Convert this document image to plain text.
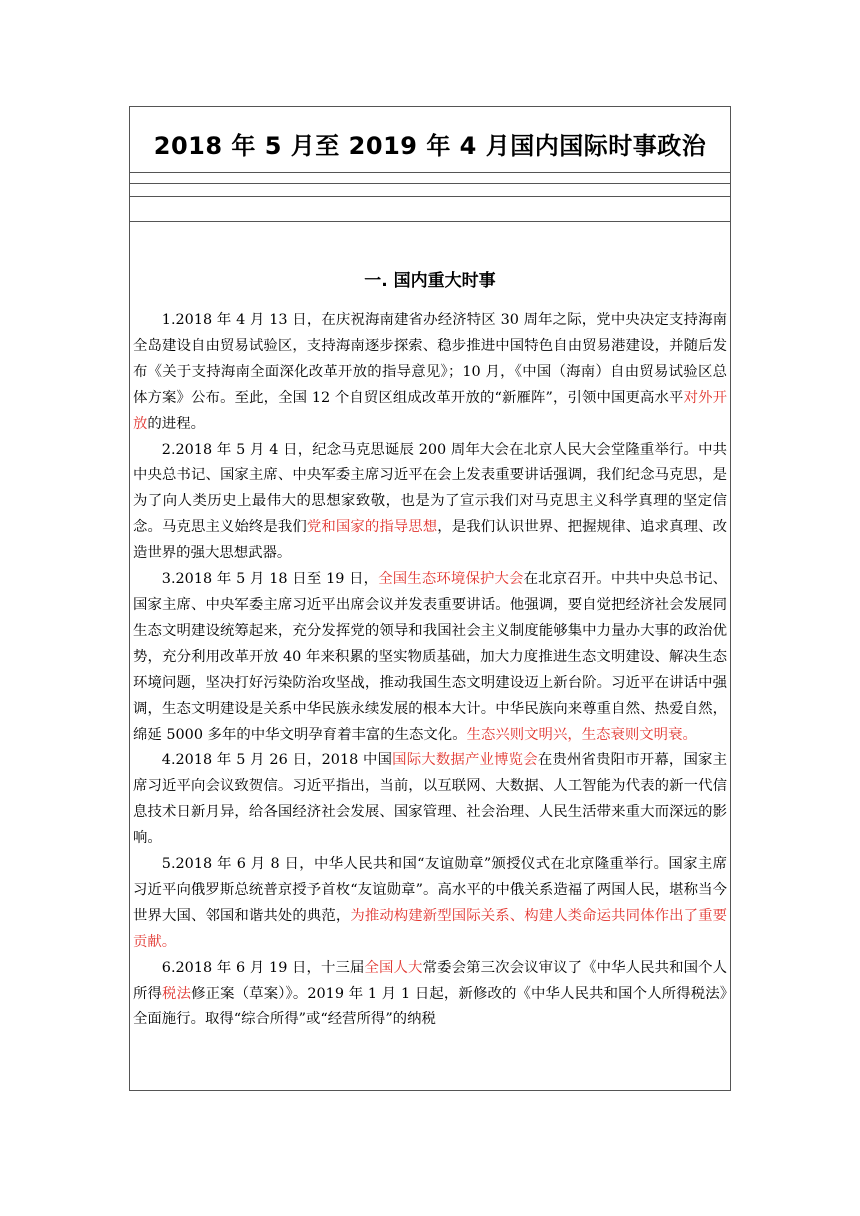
2018 年 5 月至 2019 年 4 月国内国际时事政治
一. 国内重大时事

1.2018 年 4 月 13 日，在庆祝海南建省办经济特区 30 周年之际，党中央决定支持海南全岛建设自由贸易试验区，支持海南逐步探索、稳步推进中国特色自由贸易港建设，并随后发布《关于支持海南全面深化改革开放的指导意见》；10 月，《中国（海南）自由贸易试验区总体方案》公布。至此，全国 12 个自贸区组成改革开放的“新雁阵”，引领中国更高水平对外开放的进程。

2.2018 年 5 月 4 日，纪念马克思诞辰 200 周年大会在北京人民大会堂隆重举行。中共中央总书记、国家主席、中央军委主席习近平在会上发表重要讲话强调，我们纪念马克思，是为了向人类历史上最伟大的思想家致敬，也是为了宣示我们对马克思主义科学真理的坚定信念。马克思主义始终是我们党和国家的指导思想，是我们认识世界、把握规律、追求真理、改造世界的强大思想武器。

3.2018 年 5 月 18 日至 19 日，全国生态环境保护大会在北京召开。中共中央总书记、国家主席、中央军委主席习近平出席会议并发表重要讲话。他强调，要自觉把经济社会发展同生态文明建设统筹起来，充分发挥党的领导和我国社会主义制度能够集中力量办大事的政治优势，充分利用改革开放 40 年来积累的坚实物质基础，加大力度推进生态文明建设、解决生态环境问题，坚决打好污染防治攻坚战，推动我国生态文明建设迈上新台阶。习近平在讲话中强调，生态文明建设是关系中华民族永续发展的根本大计。中华民族向来尊重自然、热爱自然，绵延 5000 多年的中华文明孕育着丰富的生态文化。生态兴则文明兴，生态衰则文明衰。

4.2018 年 5 月 26 日，2018 中国国际大数据产业博览会在贵州省贵阳市开幕，国家主席习近平向会议致贺信。习近平指出，当前，以互联网、大数据、人工智能为代表的新一代信息技术日新月异，给各国经济社会发展、国家管理、社会治理、人民生活带来重大而深远的影响。

5.2018 年 6 月 8 日，中华人民共和国“友谊勋章”颁授仪式在北京隆重举行。国家主席习近平向俄罗斯总统普京授予首枚“友谊勋章”。高水平的中俄关系造福了两国人民，堪称当今世界大国、邻国和谐共处的典范，为推动构建新型国际关系、构建人类命运共同体作出了重要贡献。

6.2018 年 6 月 19 日，十三届全国人大常委会第三次会议审议了《中华人民共和国个人所得税法修正案（草案）》。2019 年 1 月 1 日起，新修改的《中华人民共和国个人所得税法》全面施行。取得“综合所得”或“经营所得”的纳税
